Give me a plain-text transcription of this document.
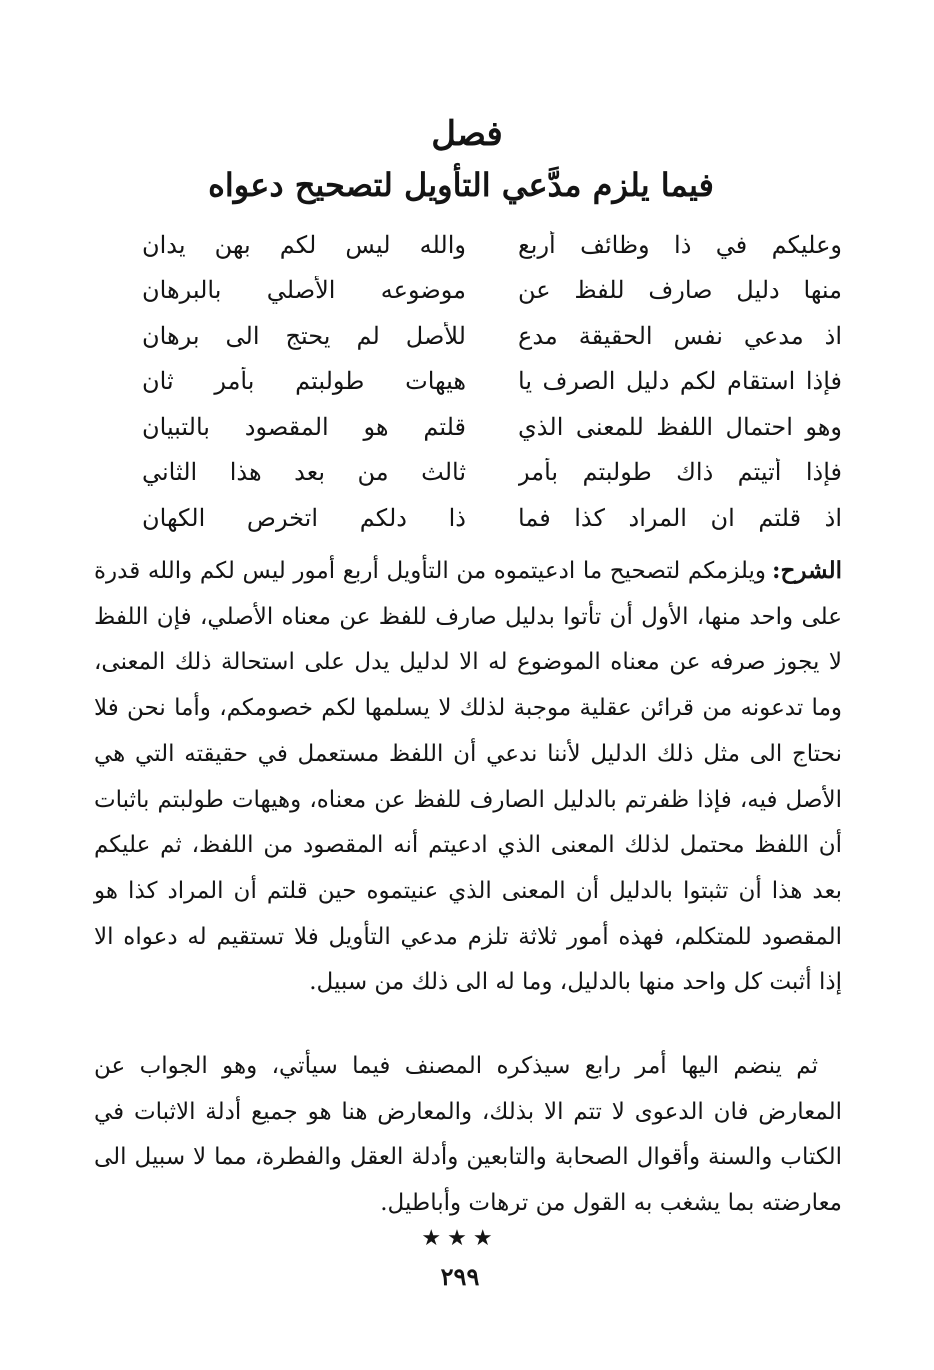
فصل
فيما يلزم مدَّعي التأويل لتصحيح دعواه
وعليكم في ذا وظائف أربع
والله ليس لكم بهن يدان
منها دليل صارف للفظ عن
موضوعه الأصلي بالبرهان
اذ مدعي نفس الحقيقة مدع
للأصل لم يحتج الى برهان
فإذا استقام لكم دليل الصرف يا
هيهات طولبتم بأمر ثان
وهو احتمال اللفظ للمعنى الذي
قلتم هو المقصود بالتبيان
فإذا أتيتم ذاك طولبتم بأمر
ثالث من بعد هذا الثاني
اذ قلتم ان المراد كذا فما
ذا دلكم اتخرص الكهان

الشرح:ويلزمكم لتصحيح ما ادعيتموه من التأويل أربع أمور ليس لكم والله قدرة على واحد منها، الأول أن تأتوا بدليل صارف للفظ عن معناه الأصلي، فإن اللفظ لا يجوز صرفه عن معناه الموضوع له الا لدليل يدل على استحالة ذلك المعنى، وما تدعونه من قرائن عقلية موجبة لذلك لا يسلمها لكم خصومكم، وأما نحن فلا نحتاج الى مثل ذلك الدليل لأننا ندعي أن اللفظ مستعمل في حقيقته التي هي الأصل فيه، فإذا ظفرتم بالدليل الصارف للفظ عن معناه، وهيهات طولبتم باثبات أن اللفظ محتمل لذلك المعنى الذي ادعيتم أنه المقصود من اللفظ، ثم عليكم بعد هذا أن تثبتوا بالدليل أن المعنى الذي عنيتموه حين قلتم أن المراد كذا هو المقصود للمتكلم، فهذه أمور ثلاثة تلزم مدعي التأويل فلا تستقيم له دعواه الا إذا أثبت كل واحد منها بالدليل، وما له الى ذلك من سبيل.

ثم ينضم اليها أمر رابع سيذكره المصنف فيما سيأتي، وهو الجواب عن المعارض فان الدعوى لا تتم الا بذلك، والمعارض هنا هو جميع أدلة الاثبات في الكتاب والسنة وأقوال الصحابة والتابعين وأدلة العقل والفطرة، مما لا سبيل الى معارضته بما يشغب به القول من ترهات وأباطيل.

★★★
٢٩٩
